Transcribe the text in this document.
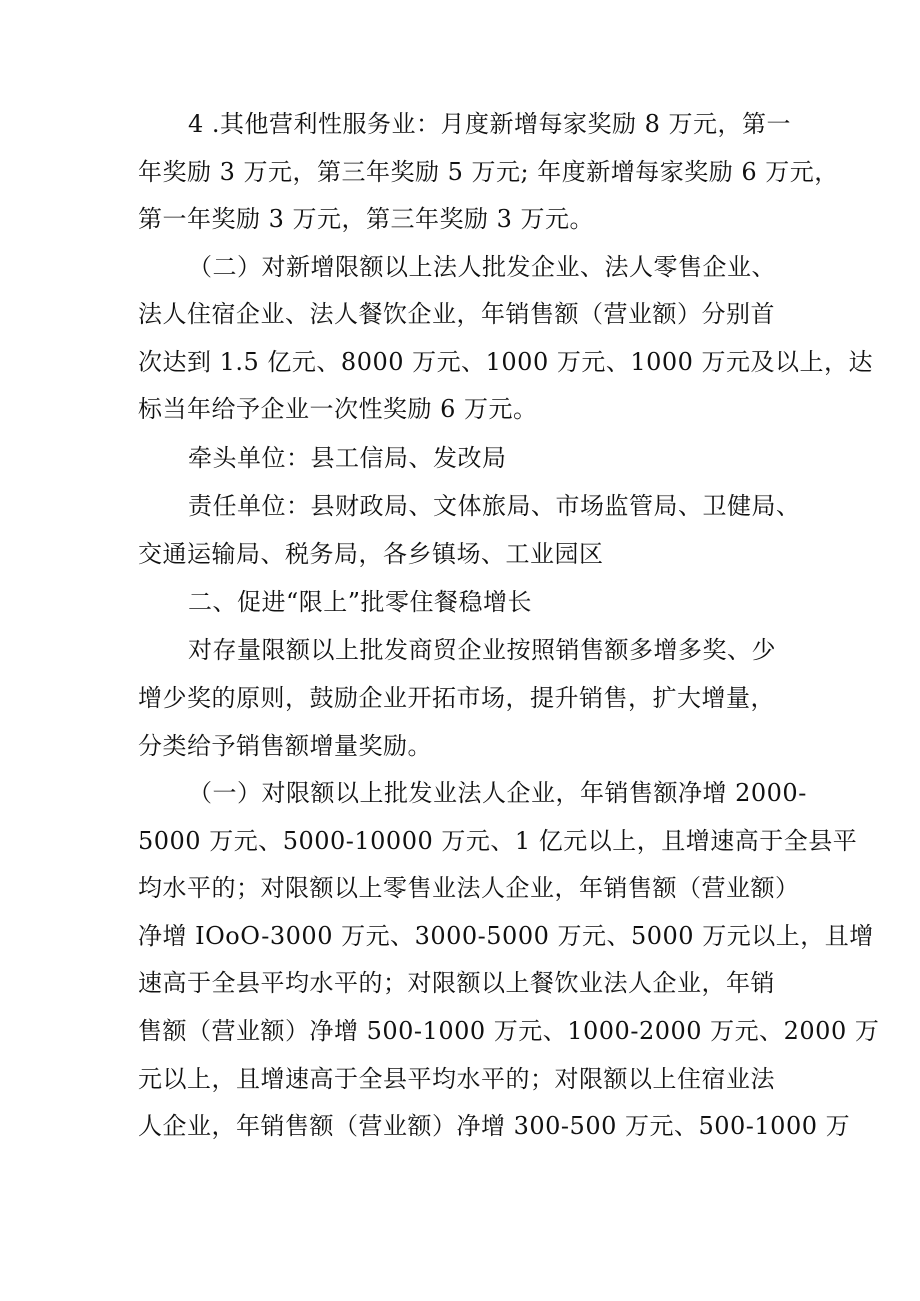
4 .其他营利性服务业：月度新增每家奖励 8 万元，第一
年奖励 3 万元，第三年奖励 5 万元; 年度新增每家奖励 6 万元，
第一年奖励 3 万元，第三年奖励 3 万元。
（二）对新增限额以上法人批发企业、法人零售企业、
法人住宿企业、法人餐饮企业，年销售额（营业额）分别首
次达到 1.5 亿元、8000 万元、1000 万元、1000 万元及以上，达
标当年给予企业一次性奖励 6 万元。
牵头单位：县工信局、发改局
责任单位：县财政局、文体旅局、市场监管局、卫健局、
交通运输局、税务局，各乡镇场、工业园区
二、促进“限上”批零住餐稳增长
对存量限额以上批发商贸企业按照销售额多增多奖、少
增少奖的原则，鼓励企业开拓市场，提升销售，扩大增量，
分类给予销售额增量奖励。
（一）对限额以上批发业法人企业，年销售额净增 2000-
5000 万元、5000-10000 万元、1 亿元以上，且增速高于全县平
均水平的；对限额以上零售业法人企业，年销售额（营业额）
净增 IOoO-3000 万元、3000-5000 万元、5000 万元以上，且增
速高于全县平均水平的；对限额以上餐饮业法人企业，年销
售额（营业额）净增 500-1000 万元、1000-2000 万元、2000 万
元以上，且增速高于全县平均水平的；对限额以上住宿业法
人企业，年销售额（营业额）净增 300-500 万元、500-1000 万
